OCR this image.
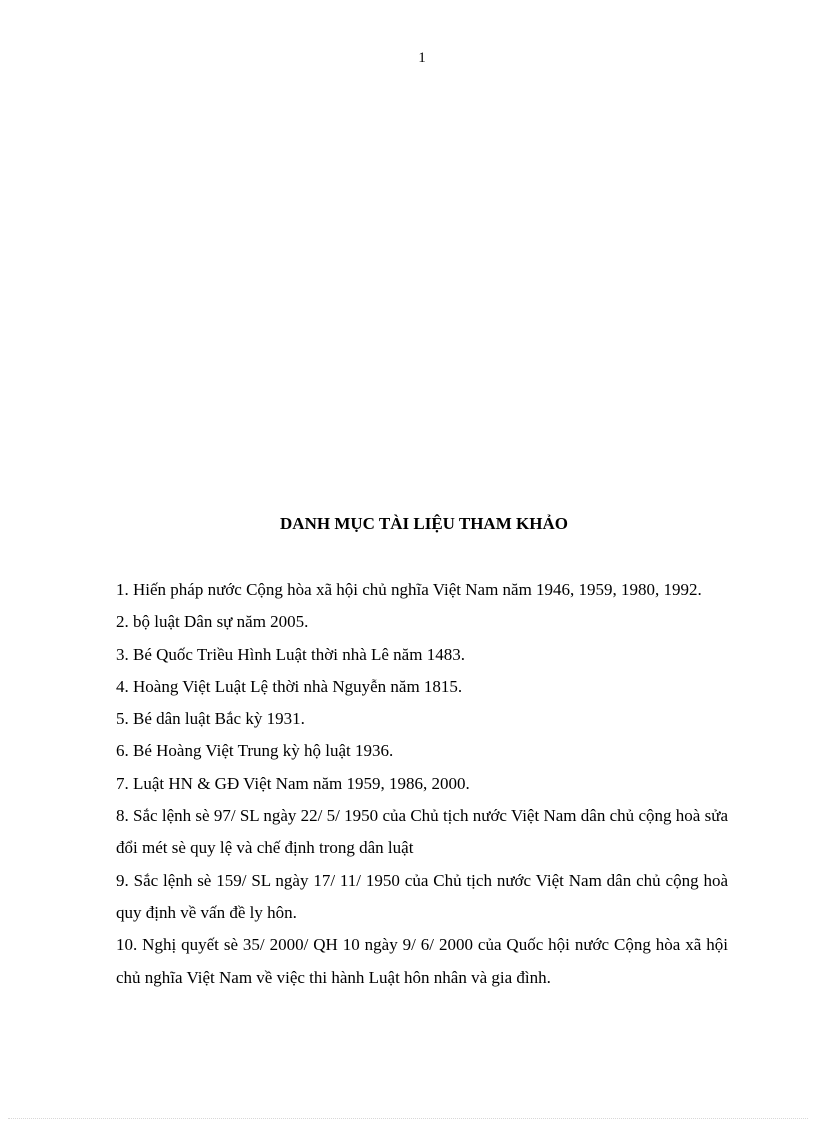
1
DANH MỤC TÀI LIỆU THAM KHẢO
1. Hiến pháp nước Cộng hòa xã hội chủ nghĩa Việt Nam năm 1946, 1959, 1980, 1992.
2. bộ luật Dân sự năm 2005.
3. Bé Quốc Triều Hình Luật thời nhà Lê năm 1483.
4. Hoàng Việt Luật Lệ thời nhà Nguyễn năm 1815.
5. Bé dân luật Bắc kỳ 1931.
6. Bé Hoàng Việt Trung kỳ hộ luật 1936.
7. Luật HN & GĐ Việt Nam năm 1959, 1986, 2000.
8. Sắc lệnh sè 97/ SL ngày 22/ 5/ 1950 của Chủ tịch nước Việt Nam dân chủ cộng hoà sửa đổi mét sè quy lệ và chế định trong dân luật
9. Sắc lệnh sè 159/ SL ngày 17/ 11/ 1950 của Chủ tịch nước Việt Nam dân chủ cộng hoà quy định về vấn đề ly hôn.
10. Nghị quyết sè 35/ 2000/ QH 10 ngày 9/ 6/ 2000 của Quốc hội nước Cộng hòa xã hội chủ nghĩa Việt Nam về việc thi hành Luật hôn nhân và gia đình.
